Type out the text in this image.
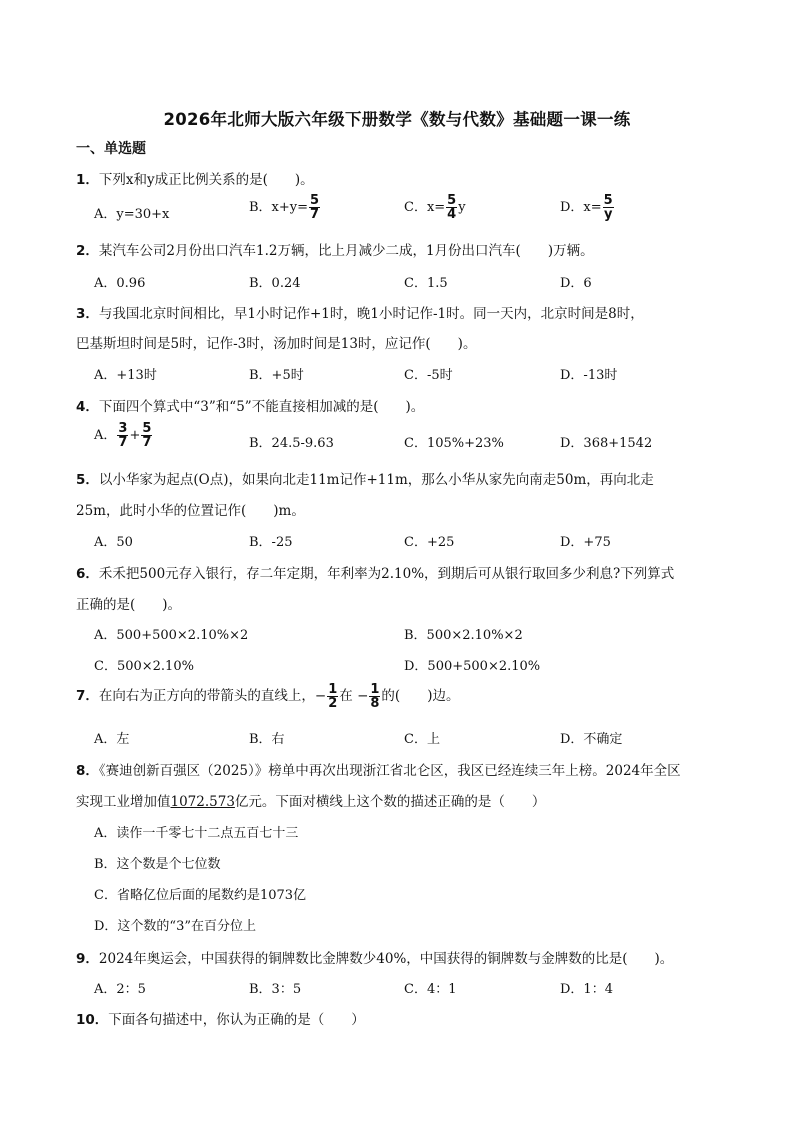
2026年北师大版六年级下册数学《数与代数》基础题一课一练
一、单选题
1．下列x和y成正比例关系的是(　　)。
A．y=30+x	B．$x+y= \frac{5}{7}$	C．$x= \frac{5}{4}$ y	D．$x= \frac{5}{y}$
2．某汽车公司2月份出口汽车1.2万辆，比上月减少二成，1月份出口汽车(　　)万辆。
A．0.96	B．0.24	C．1.5	D．6
3．与我国北京时间相比，早1小时记作+1时，晚1小时记作-1时。同一天内，北京时间是8时，
巴基斯坦时间是5时，记作-3时，汤加时间是13时，应记作(　　)。
A．+13时	B．+5时	C．-5时	D．-13时
4．下面四个算式中“3”和“5”不能直接相加减的是(　　)。
A． $\frac{3}{7} + \frac{5}{7}$	B．24.5-9.63	C．105%+23%	D．368+1542
5．以小华家为起点(O点)，如果向北走11m记作+11m，那么小华从家先向南走50m，再向北走
25m，此时小华的位置记作(　　)m。
A．50	B．-25	C．+25	D．+75
6．禾禾把500元存入银行，存二年定期，年利率为2.10%，到期后可从银行取回多少利息?下列算式
正确的是(　　)。
A．500+500×2.10%×2	B．500×2.10%×2
C．500×2.10%	D．500+500×2.10%
7．在向右为正方向的带箭头的直线上，− $\frac{1}{2}$ 在 − $\frac{1}{8}$ 的(　　)边。
A．左	B．右	C．上	D．不确定
8．《赛迪创新百强区（2025）》榜单中再次出现浙江省北仑区，我区已经连续三年上榜。2024年全区
实现工业增加值1072.573亿元。下面对横线上这个数的描述正确的是（　　）
A．读作一千零七十二点五百七十三
B．这个数是个七位数
C．省略亿位后面的尾数约是1073亿
D．这个数的“3”在百分位上
9．2024年奥运会，中国获得的铜牌数比金牌数少40%，中国获得的铜牌数与金牌数的比是(　　)。
A．2：5	B．3：5	C．4：1	D．1：4
10．下面各句描述中，你认为正确的是（　　）
